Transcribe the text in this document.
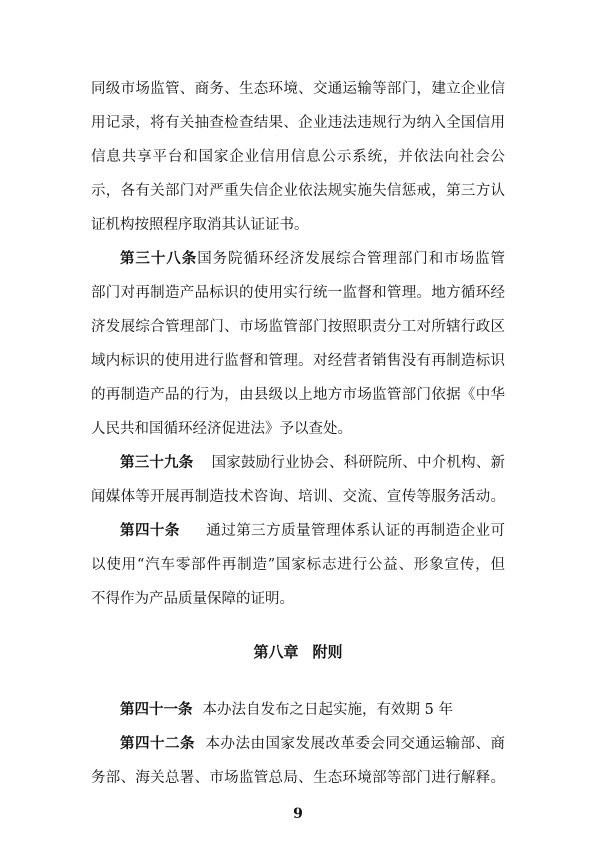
同级市场监管、商务、生态环境、交通运输等部门，建立企业信
用记录，将有关抽查检查结果、企业违法违规行为纳入全国信用
信息共享平台和国家企业信用信息公示系统，并依法向社会公
示，各有关部门对严重失信企业依法规实施失信惩戒，第三方认
证机构按照程序取消其认证证书。
第三十八条国务院循环经济发展综合管理部门和市场监管
部门对再制造产品标识的使用实行统一监督和管理。地方循环经
济发展综合管理部门、市场监管部门按照职责分工对所辖行政区
域内标识的使用进行监督和管理。对经营者销售没有再制造标识
的再制造产品的行为，由县级以上地方市场监管部门依据《中华
人民共和国循环经济促进法》予以查处。
第三十九条 国家鼓励行业协会、科研院所、中介机构、新
闻媒体等开展再制造技术咨询、培训、交流、宣传等服务活动。
第四十条 通过第三方质量管理体系认证的再制造企业可
以使用“汽车零部件再制造”国家标志进行公益、形象宣传，但
不得作为产品质量保障的证明。
第八章 附则
第四十一条 本办法自发布之日起实施，有效期 5 年
第四十二条 本办法由国家发展改革委会同交通运输部、商
务部、海关总署、市场监管总局、生态环境部等部门进行解释。
9
